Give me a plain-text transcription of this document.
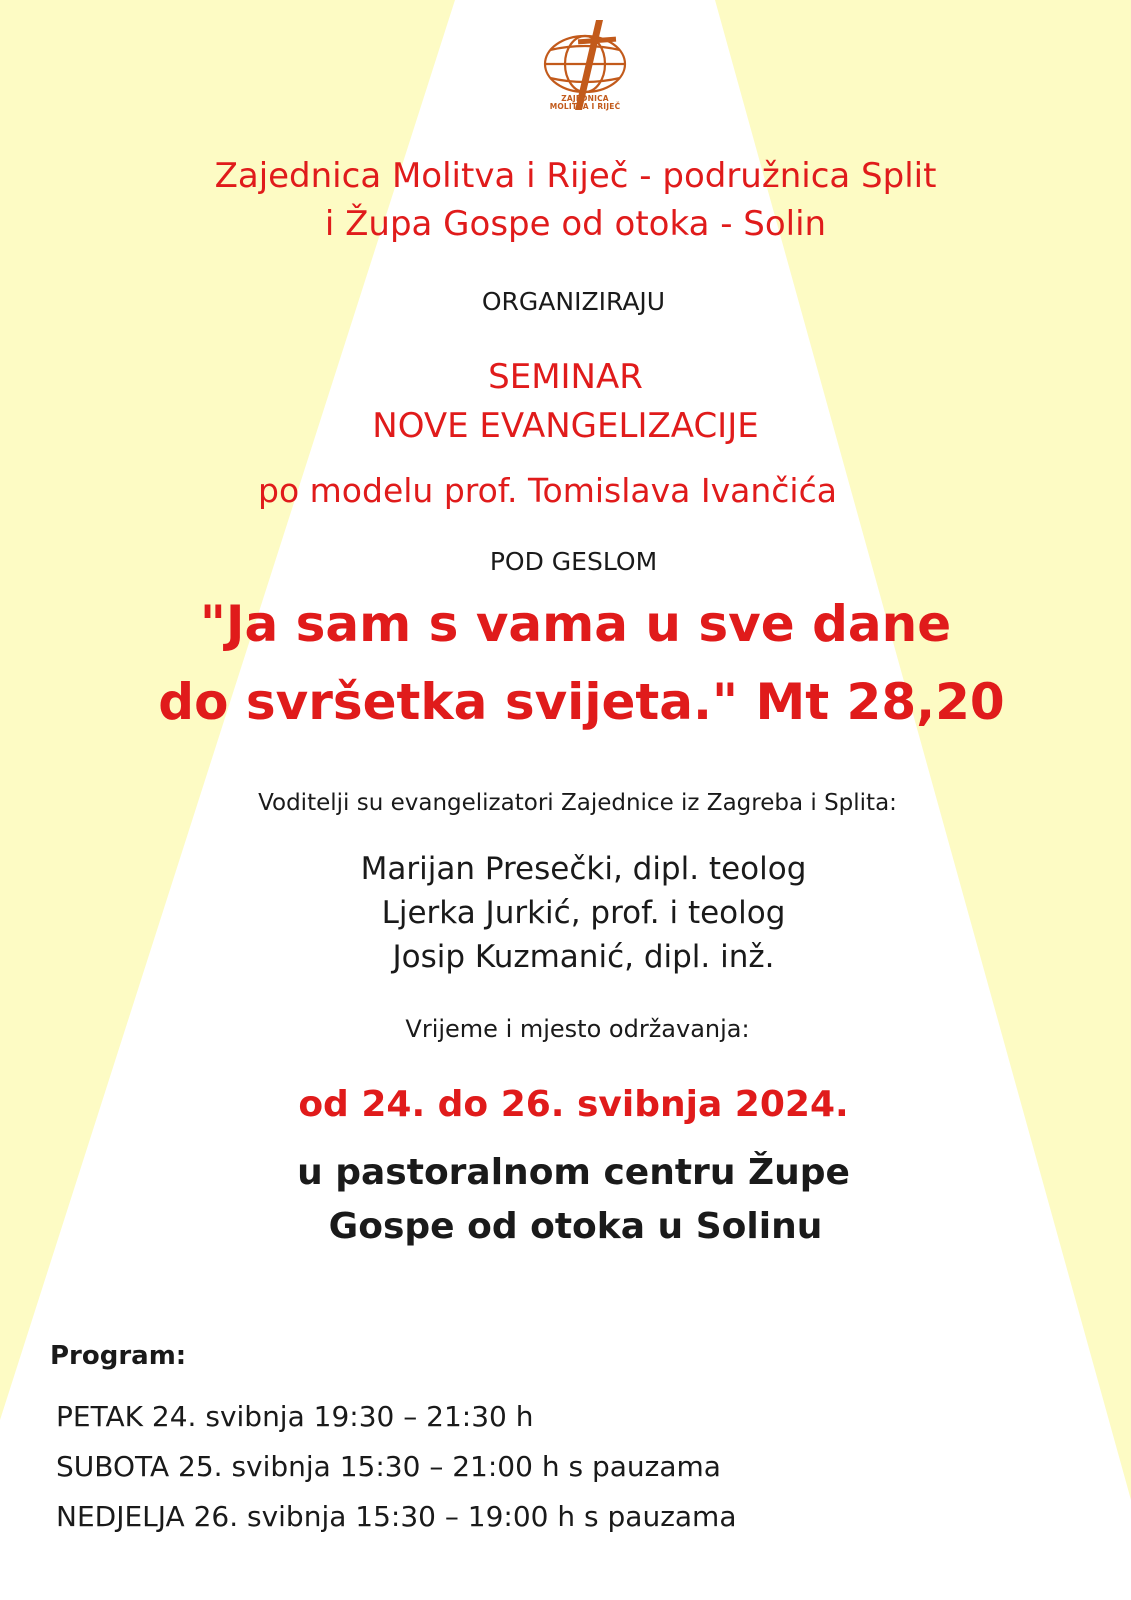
ZAJEDNICA
MOLITVA I RIJEČ
Zajednica Molitva i Riječ - podružnica Split
i Župa Gospe od otoka - Solin
ORGANIZIRAJU
SEMINAR
NOVE EVANGELIZACIJE
po modelu prof. Tomislava Ivančića
POD GESLOM
"Ja sam s vama u sve dane
do svršetka svijeta." Mt 28,20
Voditelji su evangelizatori Zajednice iz Zagreba i Splita:
Marijan Presečki, dipl. teolog
Ljerka Jurkić, prof. i teolog
Josip Kuzmanić, dipl. inž.
Vrijeme i mjesto održavanja:
od 24. do 26. svibnja 2024.
u pastoralnom centru Župe
Gospe od otoka u Solinu
Program:
PETAK 24. svibnja 19:30 – 21:30 h
SUBOTA 25. svibnja 15:30 – 21:00 h s pauzama
NEDJELJA 26. svibnja 15:30 – 19:00 h s pauzama
